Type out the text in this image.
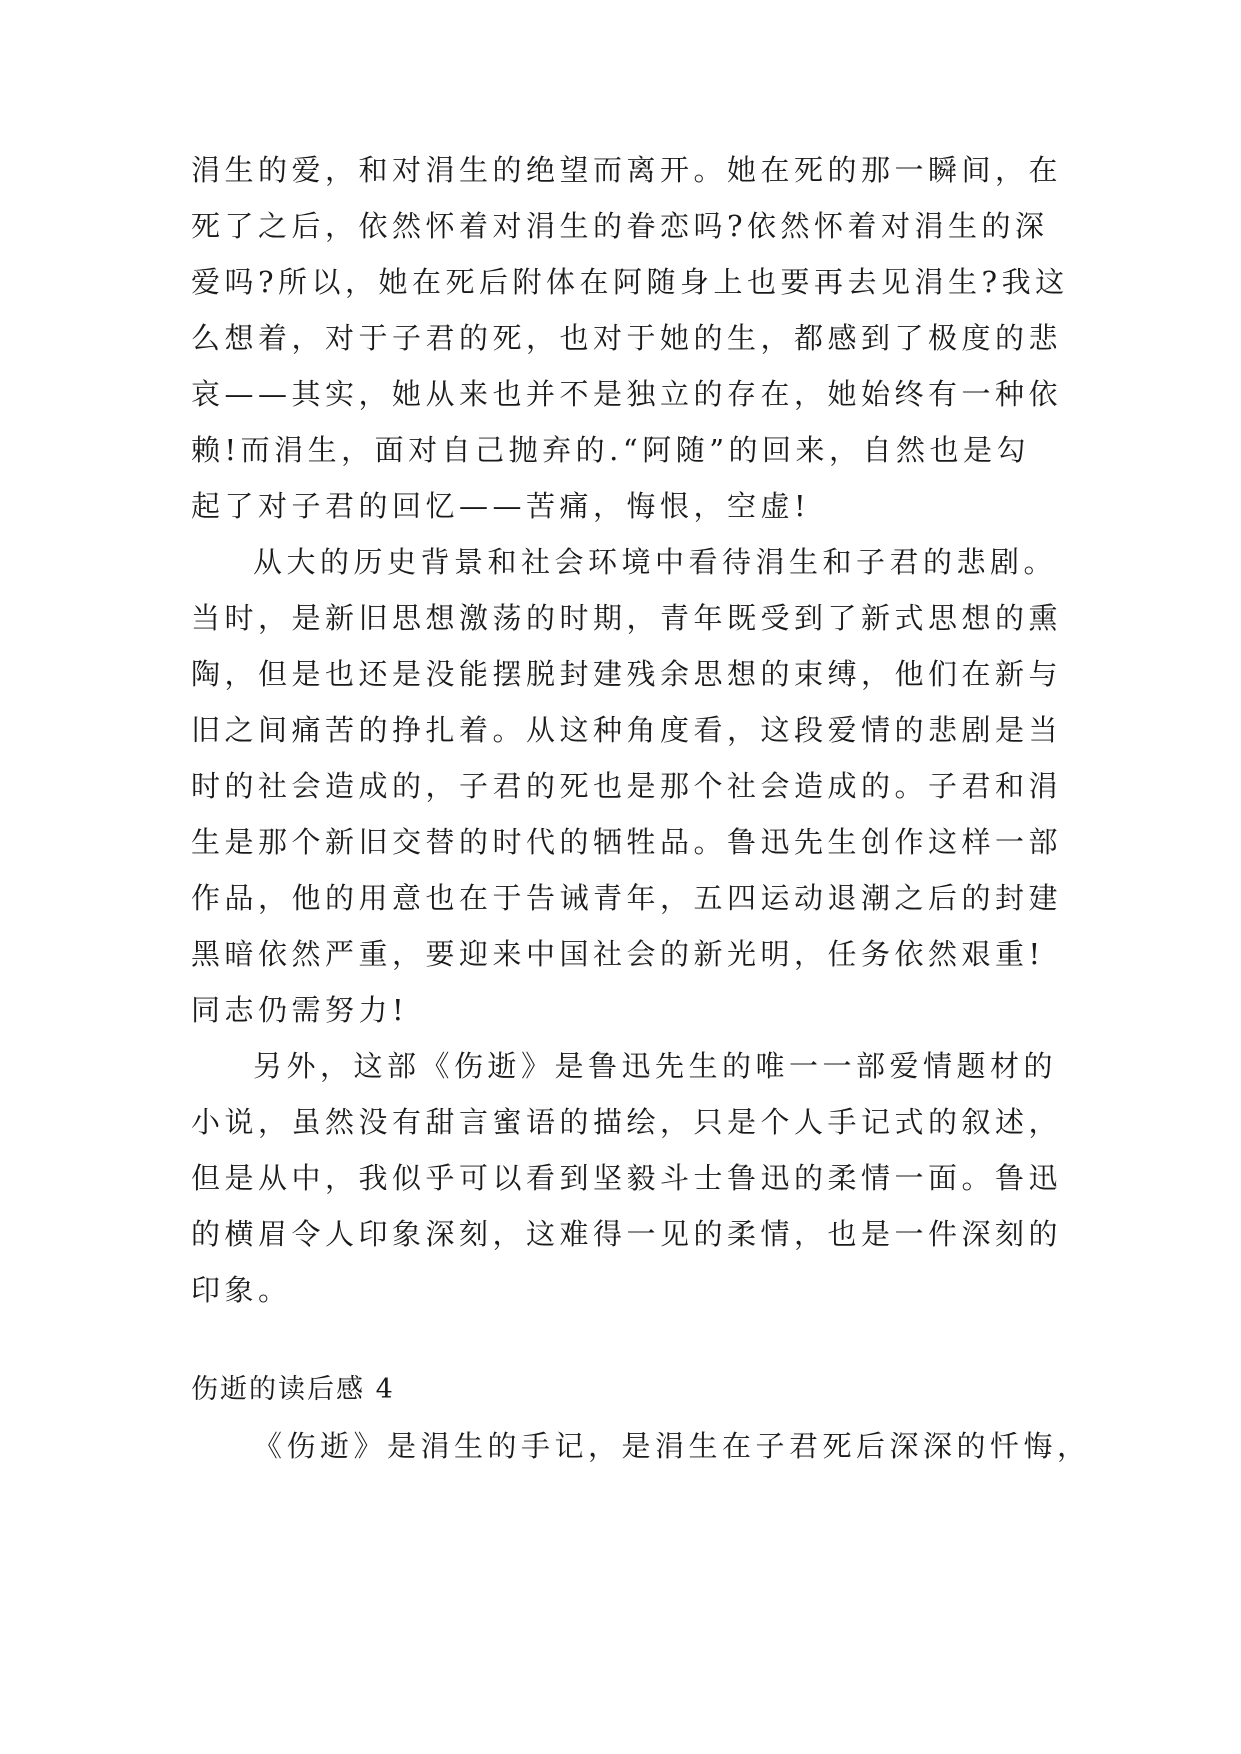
涓生的爱，和对涓生的绝望而离开。她在死的那一瞬间，在
死了之后，依然怀着对涓生的眷恋吗?依然怀着对涓生的深
爱吗?所以，她在死后附体在阿随身上也要再去见涓生?我这
么想着，对于子君的死，也对于她的生，都感到了极度的悲
哀——其实，她从来也并不是独立的存在，她始终有一种依
赖!而涓生，面对自己抛弃的.“阿随”的回来，自然也是勾
起了对子君的回忆——苦痛，悔恨，空虚!
从大的历史背景和社会环境中看待涓生和子君的悲剧。
当时，是新旧思想激荡的时期，青年既受到了新式思想的熏
陶，但是也还是没能摆脱封建残余思想的束缚，他们在新与
旧之间痛苦的挣扎着。从这种角度看，这段爱情的悲剧是当
时的社会造成的，子君的死也是那个社会造成的。子君和涓
生是那个新旧交替的时代的牺牲品。鲁迅先生创作这样一部
作品，他的用意也在于告诫青年，五四运动退潮之后的封建
黑暗依然严重，要迎来中国社会的新光明，任务依然艰重!
同志仍需努力!
另外，这部《伤逝》是鲁迅先生的唯一一部爱情题材的
小说，虽然没有甜言蜜语的描绘，只是个人手记式的叙述，
但是从中，我似乎可以看到坚毅斗士鲁迅的柔情一面。鲁迅
的横眉令人印象深刻，这难得一见的柔情，也是一件深刻的
印象。
伤逝的读后感 4
《伤逝》是涓生的手记，是涓生在子君死后深深的忏悔，
